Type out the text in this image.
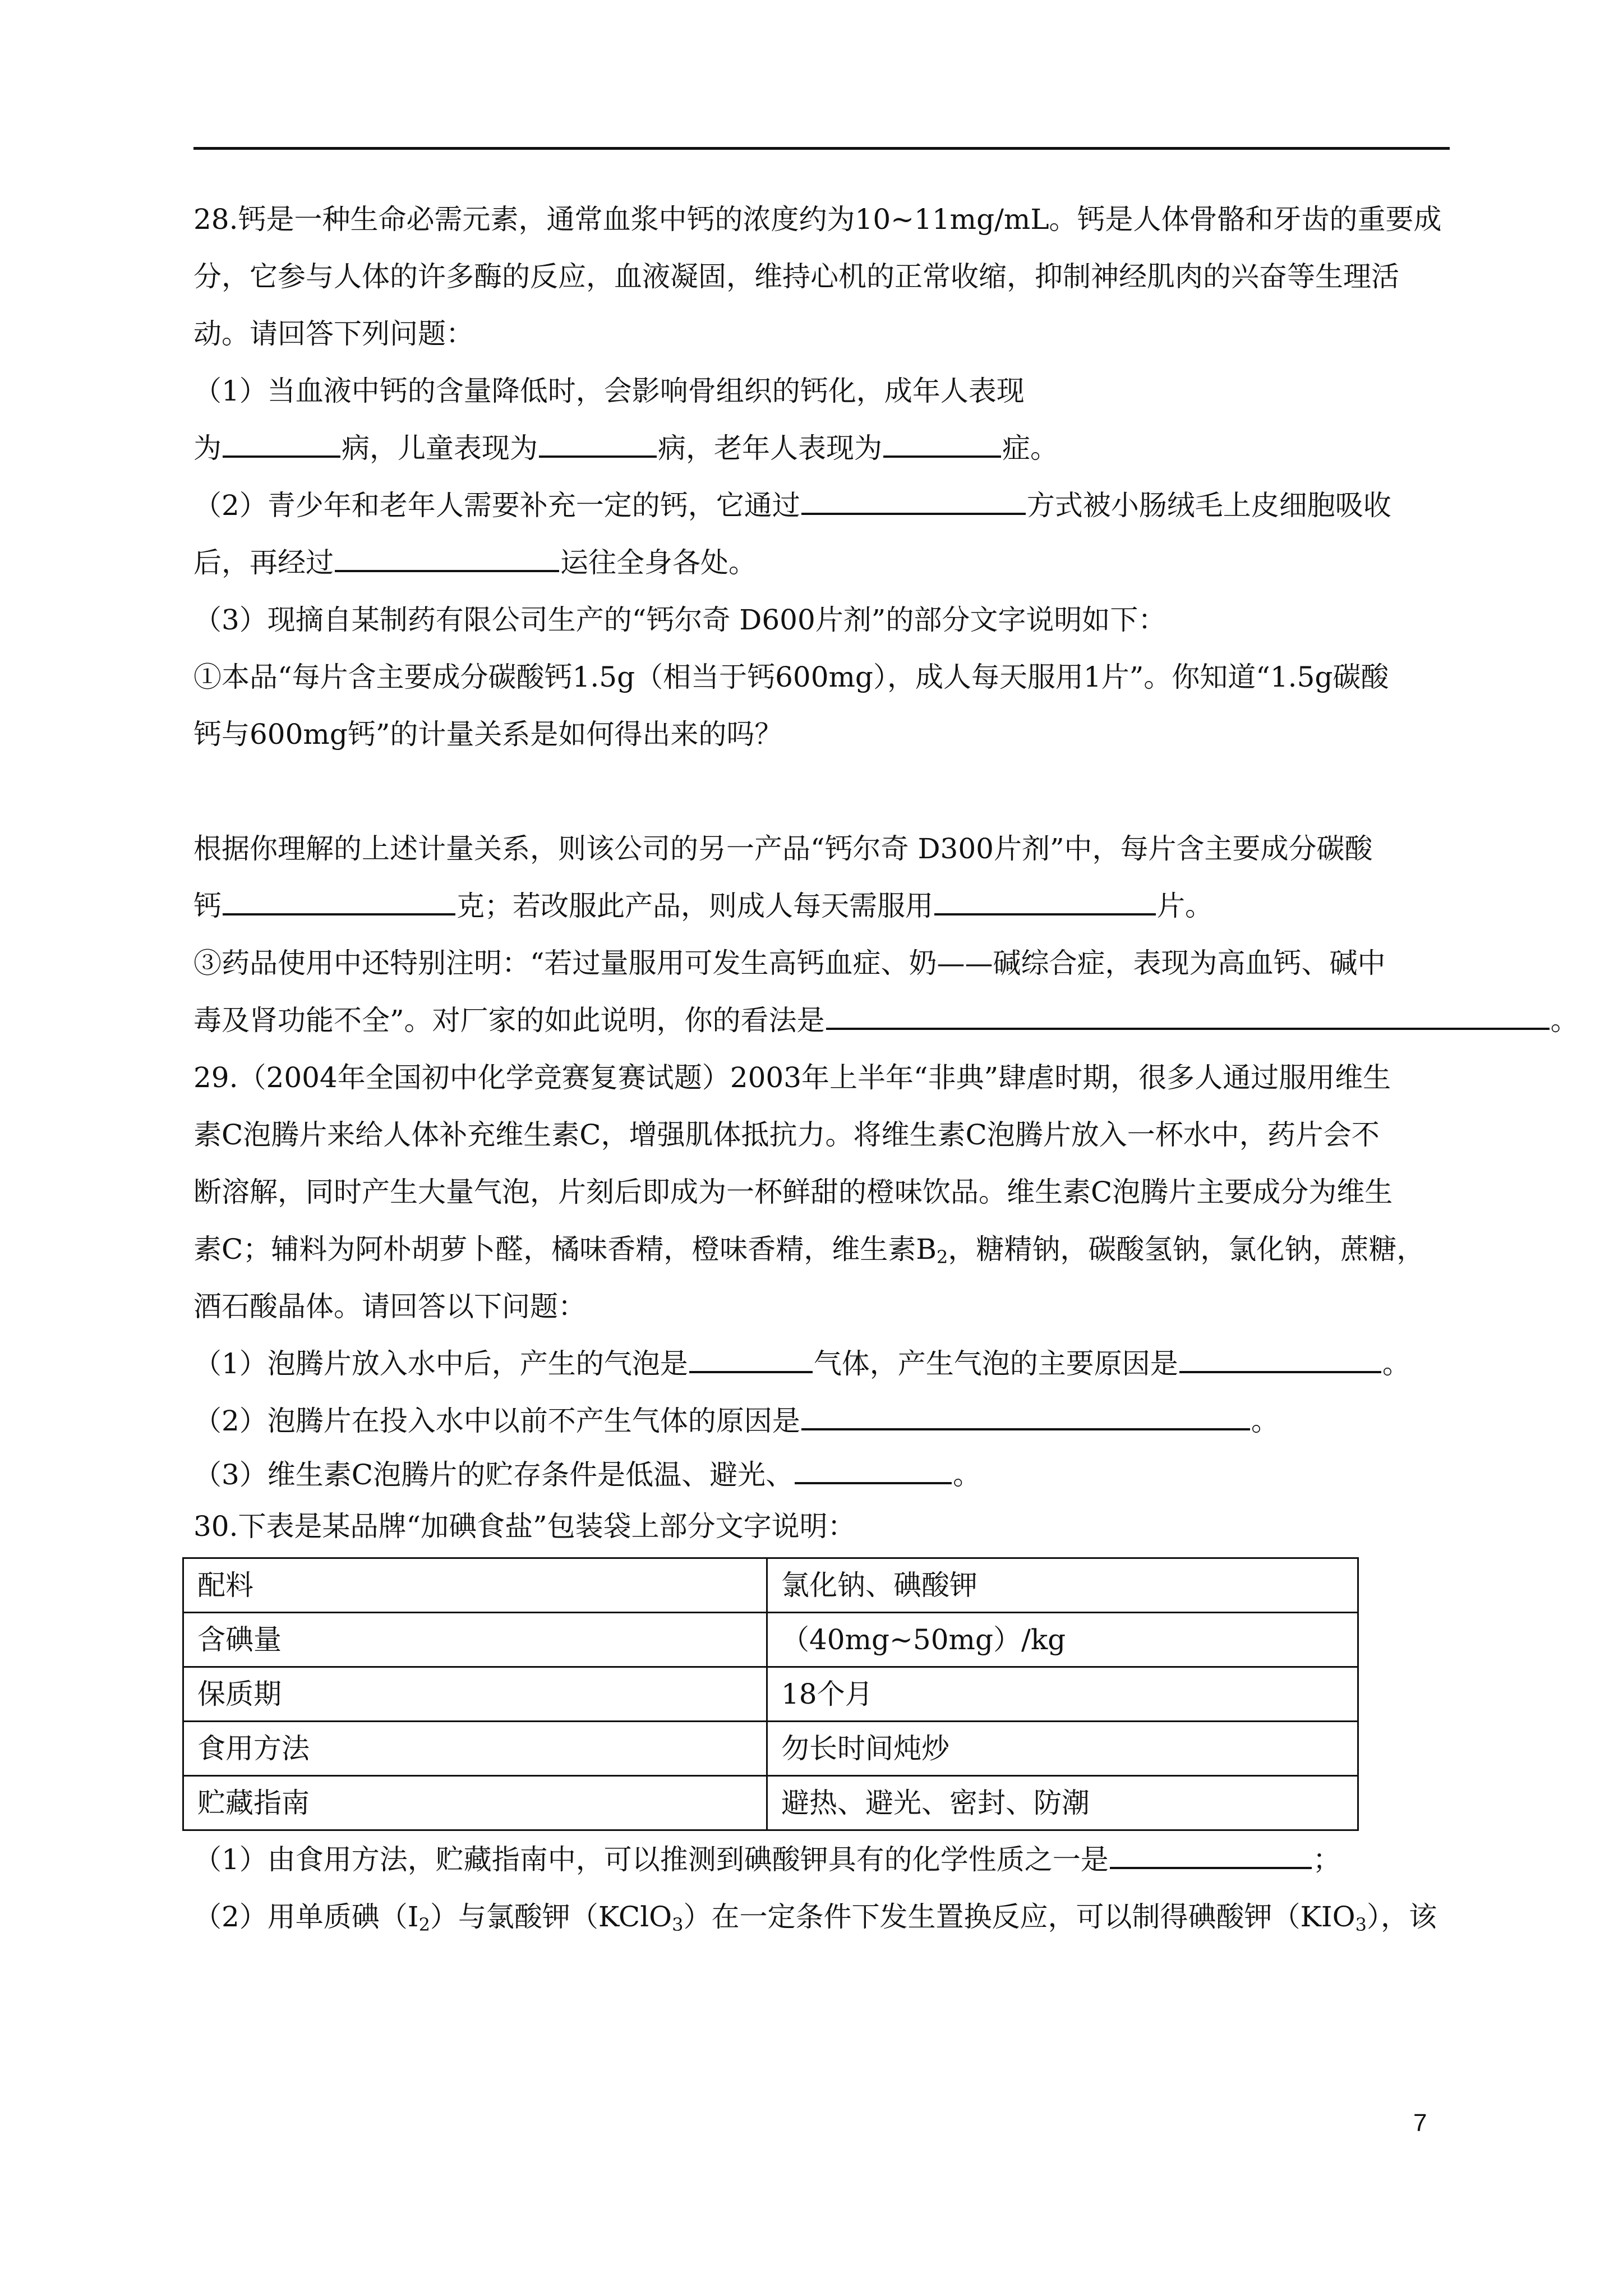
28.钙是一种生命必需元素，通常血浆中钙的浓度约为10~11mg/mL。钙是人体骨骼和牙齿的重要成

分，它参与人体的许多酶的反应，血液凝固，维持心机的正常收缩，抑制神经肌肉的兴奋等生理活

动。请回答下列问题：

（1）当血液中钙的含量降低时，会影响骨组织的钙化，成年人表现

为	病，儿童表现为	病，老年人表现为	症。

（2）青少年和老年人需要补充一定的钙，它通过	方式被小肠绒毛上皮细胞吸收

后，再经过	运往全身各处。

（3）现摘自某制药有限公司生产的“钙尔奇 D600片剂”的部分文字说明如下：

①本品“每片含主要成分碳酸钙1.5g（相当于钙600mg），成人每天服用1片”。你知道“1.5g碳酸

钙与600mg钙”的计量关系是如何得出来的吗？

根据你理解的上述计量关系，则该公司的另一产品“钙尔奇 D300片剂”中，每片含主要成分碳酸

钙	克；若改服此产品，则成人每天需服用	片。

③药品使用中还特别注明：“若过量服用可发生高钙血症、奶——碱综合症，表现为高血钙、碱中

毒及肾功能不全”。对厂家的如此说明，你的看法是	。

29.（2004年全国初中化学竞赛复赛试题）2003年上半年“非典”肆虐时期，很多人通过服用维生

素C泡腾片来给人体补充维生素C，增强肌体抵抗力。将维生素C泡腾片放入一杯水中，药片会不

断溶解，同时产生大量气泡，片刻后即成为一杯鲜甜的橙味饮品。维生素C泡腾片主要成分为维生

素C；辅料为阿朴胡萝卜醛，橘味香精，橙味香精，维生素$B_2$，糖精钠，碳酸氢钠，氯化钠，蔗糖，

酒石酸晶体。请回答以下问题：

（1）泡腾片放入水中后，产生的气泡是	气体，产生气泡的主要原因是	。

（2）泡腾片在投入水中以前不产生气体的原因是	。

（3）维生素C泡腾片的贮存条件是低温、避光、	。

30.下表是某品牌“加碘食盐”包装袋上部分文字说明：

配料	氯化钠、碘酸钾
含碘量	（40mg~50mg）/kg
保质期	18个月
食用方法	勿长时间炖炒
贮藏指南	避热、避光、密封、防潮

（1）由食用方法，贮藏指南中，可以推测到碘酸钾具有的化学性质之一是	；

（2）用单质碘$(I_2)$与氯酸钾（KClO$_3$）在一定条件下发生置换反应，可以制得碘酸钾$(KIO_3)$，该

7
